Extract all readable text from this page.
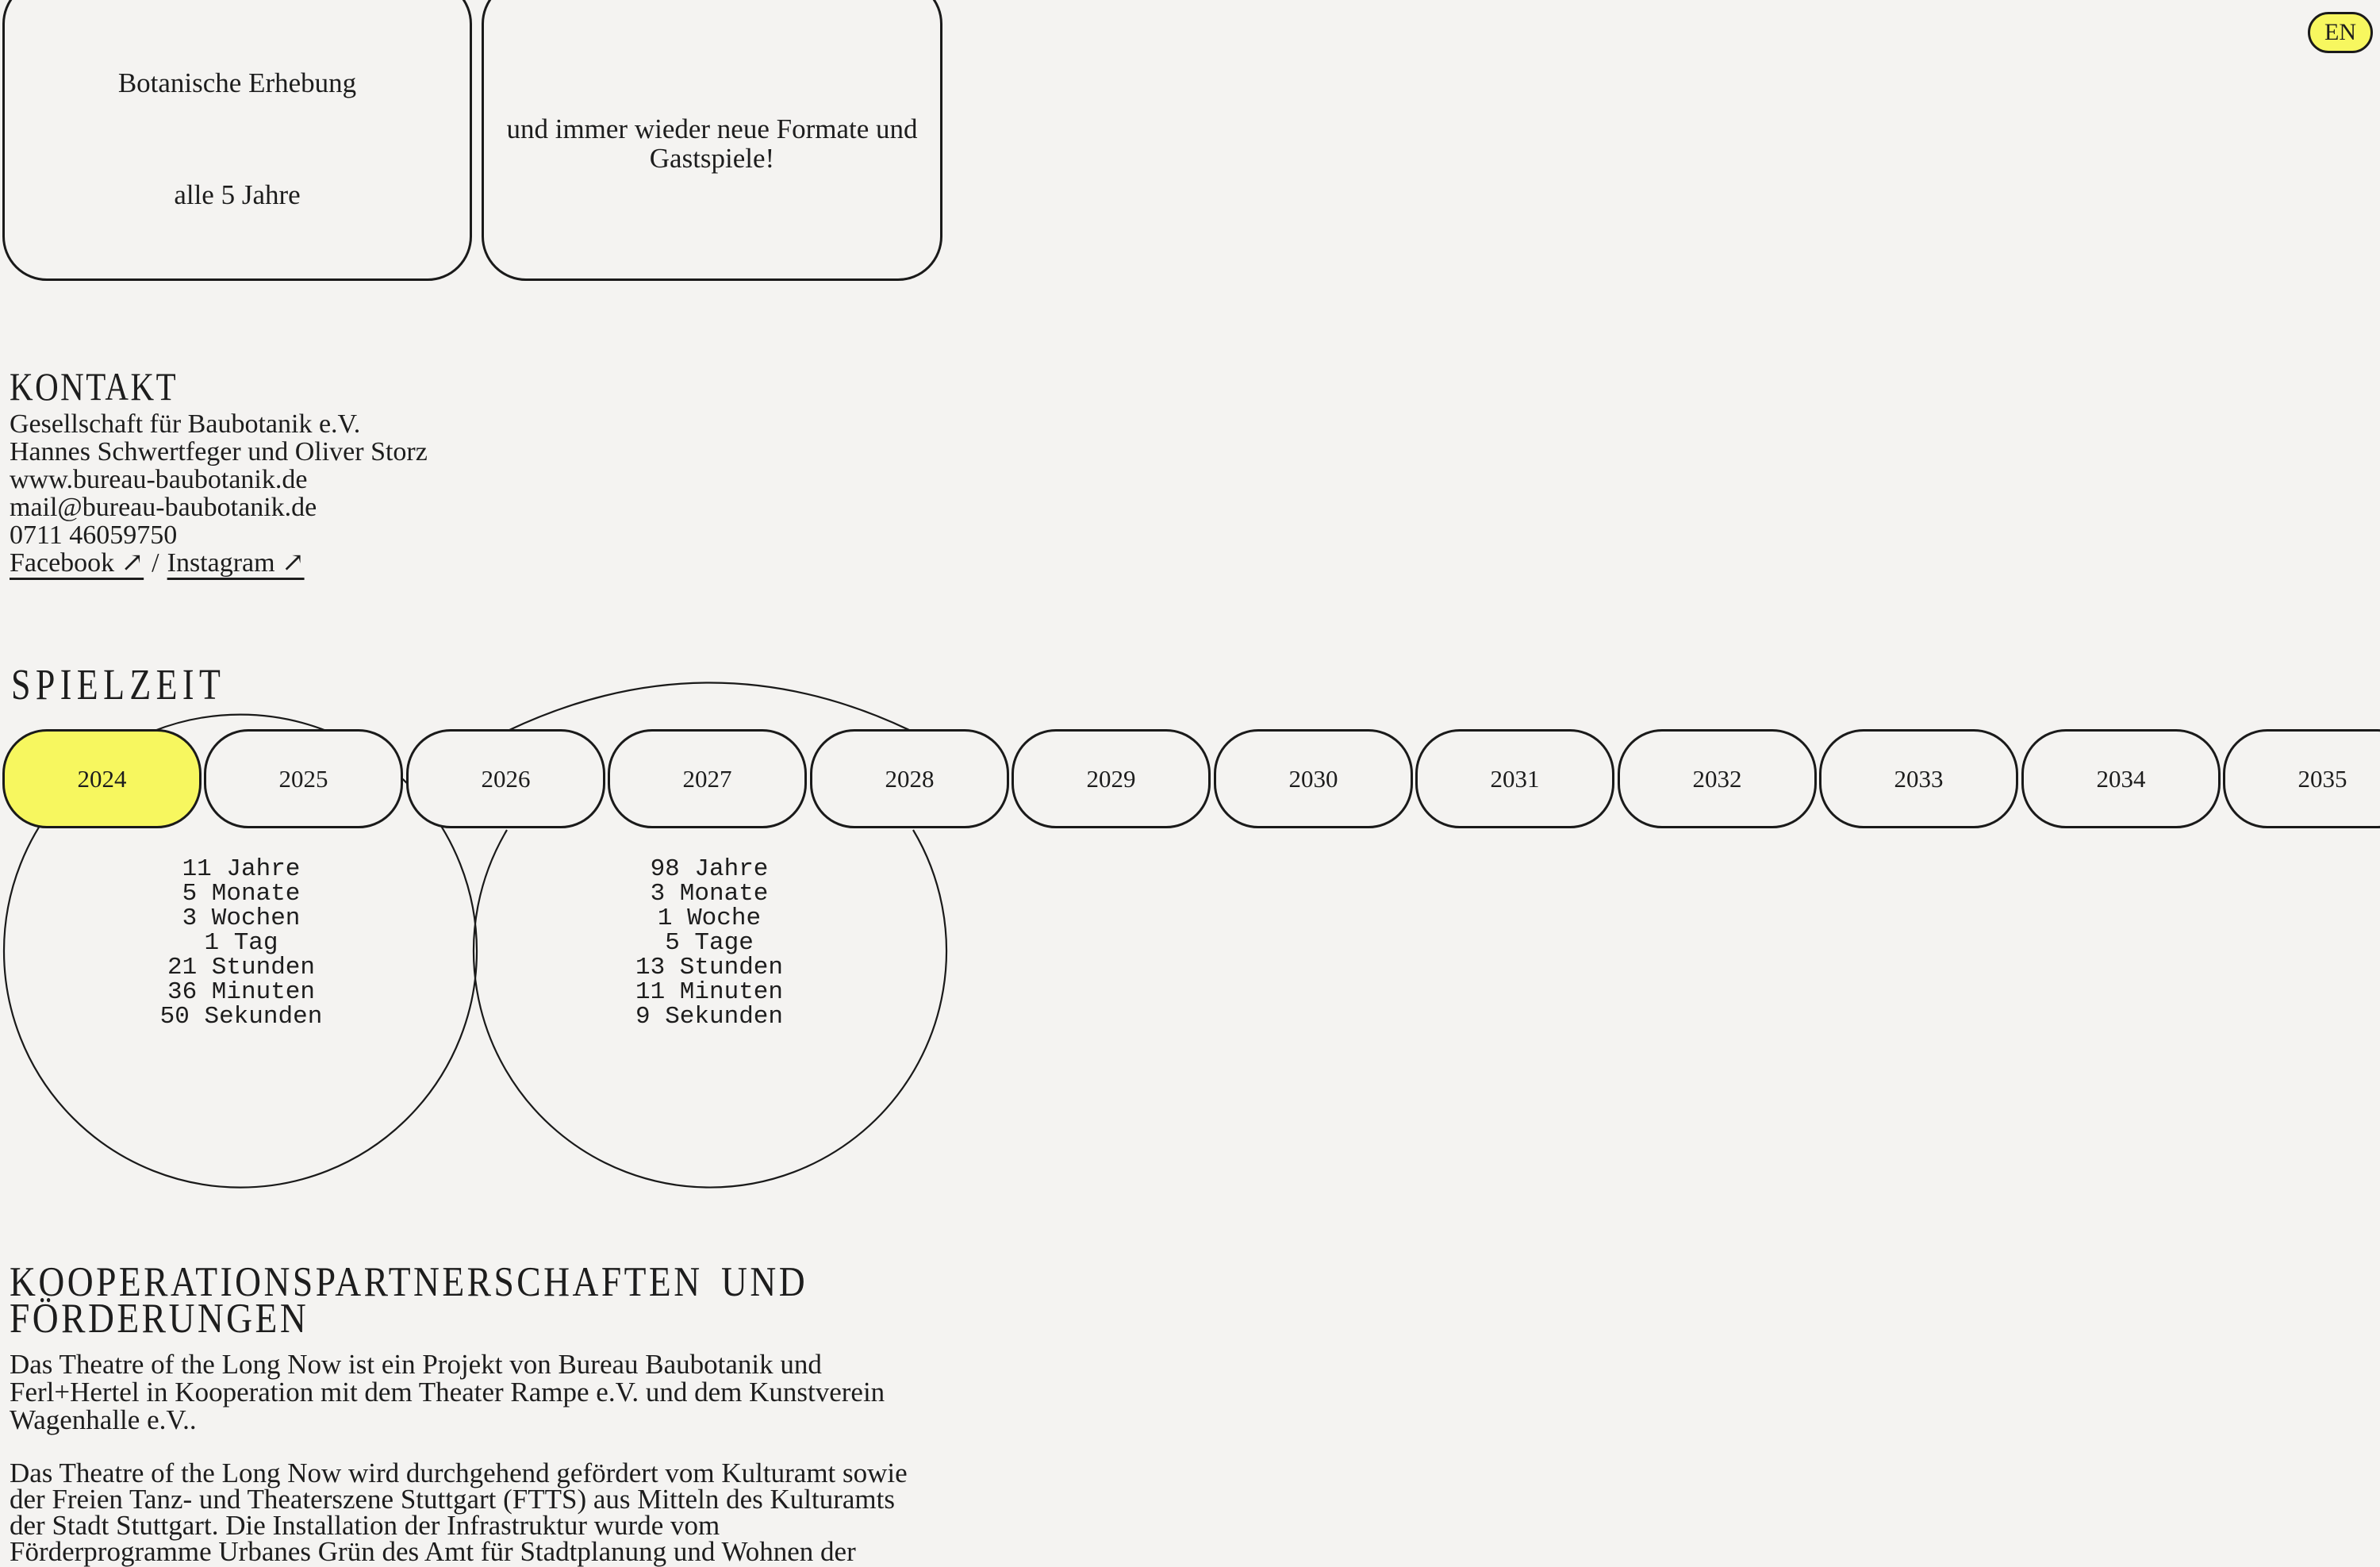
Botanische Erhebung
alle 5 Jahre
und immer wieder neue Formate und
Gastspiele!
EN
KONTAKT
Gesellschaft für Baubotanik e.V.
Hannes Schwertfeger und Oliver Storz
www.bureau-baubotanik.de
mail@bureau-baubotanik.de
0711 46059750
Facebook ↗ / Instagram ↗
SPIELZEIT
2024	2025	2026	2027	2028	2029	2030	2031	2032	2033	2034	2035
11 Jahre
5 Monate
3 Wochen
1 Tag
21 Stunden
36 Minuten
50 Sekunden
98 Jahre
3 Monate
1 Woche
5 Tage
13 Stunden
11 Minuten
9 Sekunden
KOOPERATIONSPARTNERSCHAFTEN UND
FÖRDERUNGEN
Das Theatre of the Long Now ist ein Projekt von Bureau Baubotanik und
Ferl+Hertel in Kooperation mit dem Theater Rampe e.V. und dem Kunstverein
Wagenhalle e.V..
Das Theatre of the Long Now wird durchgehend gefördert vom Kulturamt sowie
der Freien Tanz- und Theaterszene Stuttgart (FTTS) aus Mitteln des Kulturamts
der Stadt Stuttgart. Die Installation der Infrastruktur wurde vom
Förderprogramme Urbanes Grün des Amt für Stadtplanung und Wohnen der
